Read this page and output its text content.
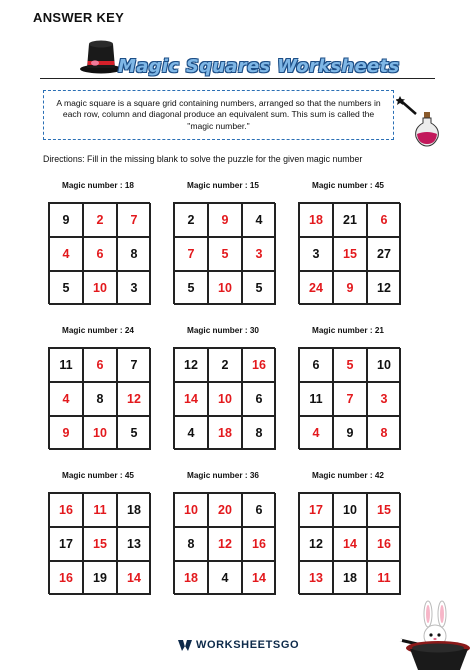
ANSWER KEY
Magic Squares Worksheets
A magic square is a square grid containing numbers, arranged so that the numbers in each row, column and diagonal produce an equivalent sum. This sum is called the "magic number."
Directions: Fill in the missing blank to solve the puzzle for the given magic number
Magic number : 18
9	2	7
4	6	8
5	10	3
Magic number : 15
2	9	4
7	5	3
5	10	5
Magic number : 45
18	21	6
3	15	27
24	9	12
Magic number : 24
11	6	7
4	8	12
9	10	5
Magic number : 30
12	2	16
14	10	6
4	18	8
Magic number : 21
6	5	10
11	7	3
4	9	8
Magic number : 45
16	11	18
17	15	13
16	19	14
Magic number : 36
10	20	6
8	12	16
18	4	14
Magic number : 42
17	10	15
12	14	16
13	18	11
WORKSHEETSGO
